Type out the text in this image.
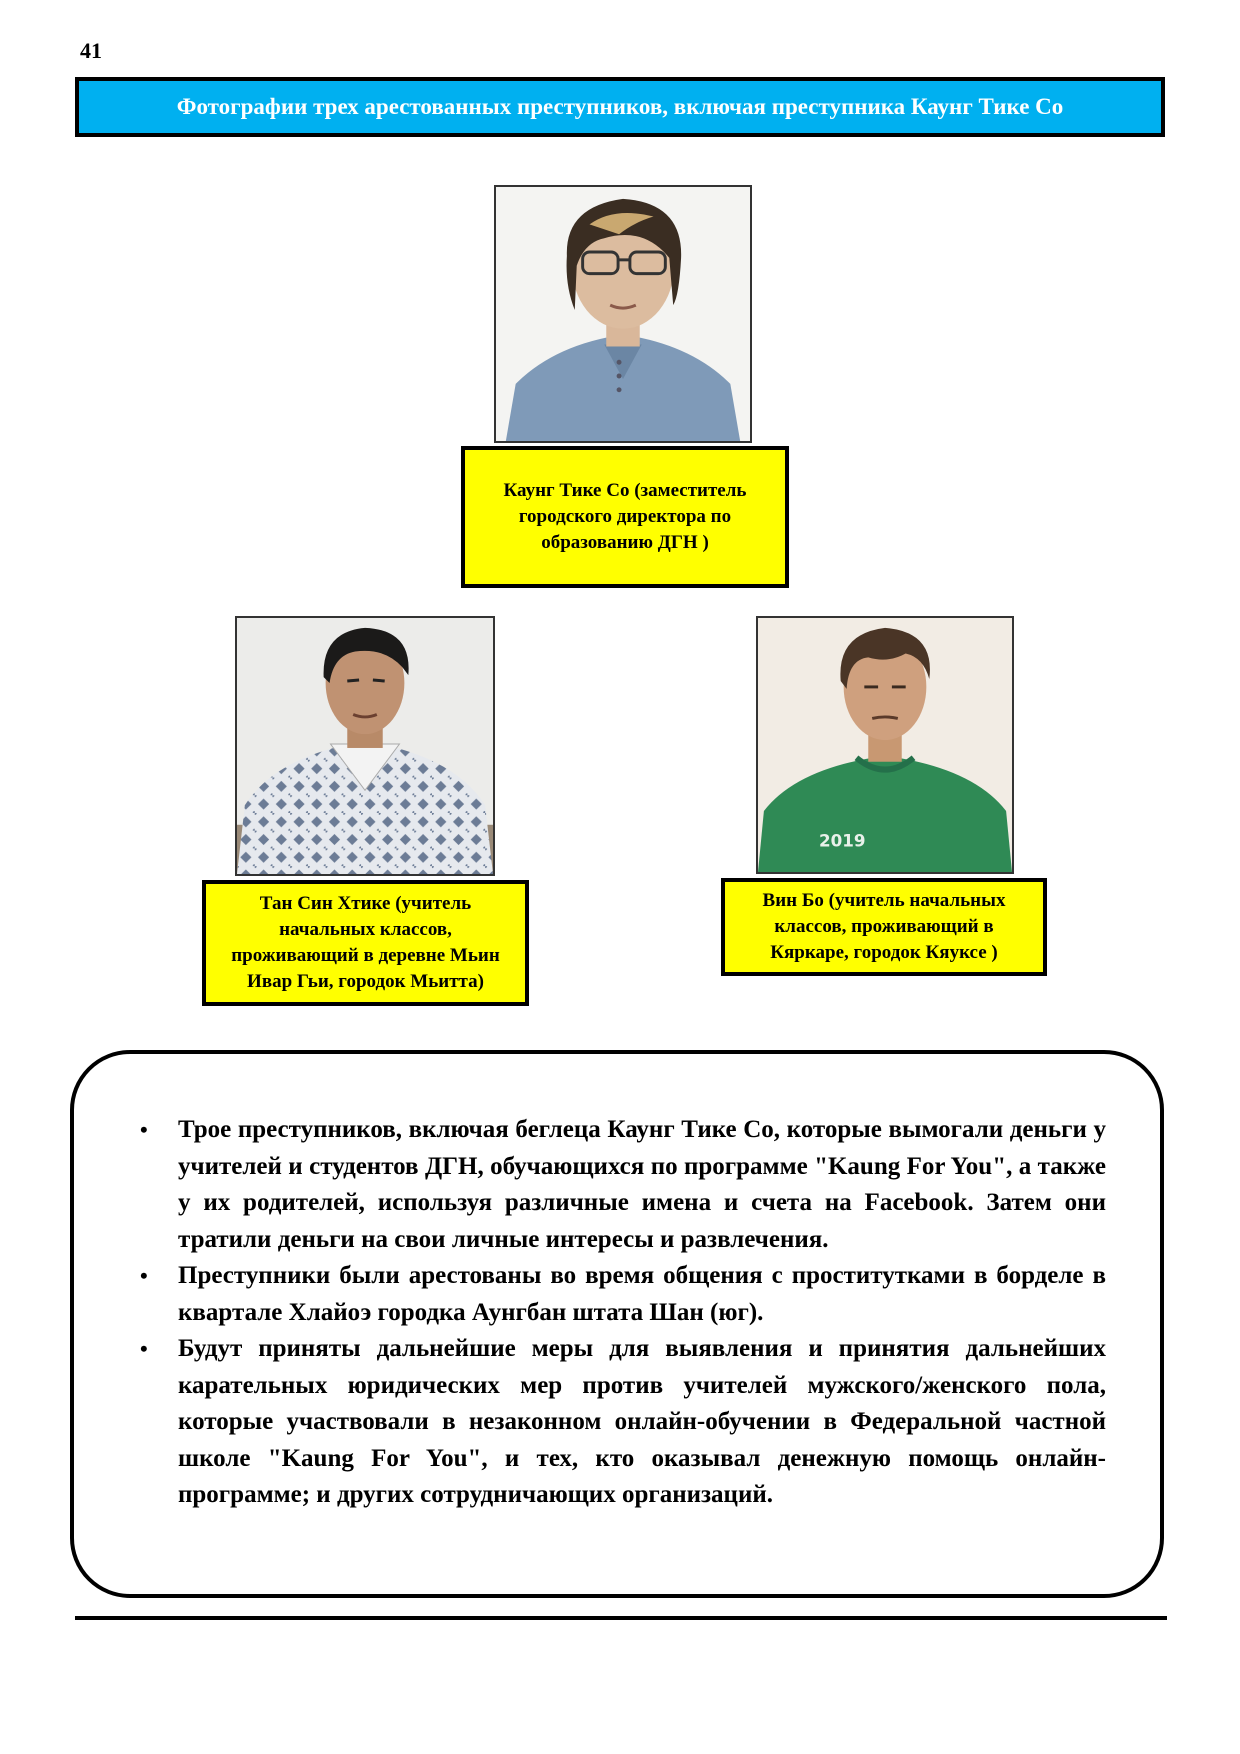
41
Фотографии трех арестованных преступников, включая преступника Каунг Тике Со
Каунг Тике Со (заместитель городского директора по образованию ДГН )
Тан Син Хтике (учитель начальных классов, проживающий в деревне Мьин Ивар Гьи, городок Мьитта)
2019
Вин Бо (учитель начальных классов, проживающий в Кяркаре, городок Кяуксе )
• Трое преступников, включая беглеца Каунг Тике Со, которые вымогали деньги у учителей и студентов ДГН, обучающихся по программе "Kaung For You", а также у их родителей, используя различные имена и счета на Facebook. Затем они тратили деньги на свои личные интересы и развлечения.
• Преступники были арестованы во время общения с проститутками в борделе в квартале Хлайоэ городка Аунгбан штата Шан (юг).
• Будут приняты дальнейшие меры для выявления и принятия дальнейших карательных юридических мер против учителей мужского/женского пола, которые участвовали в незаконном онлайн-обучении в Федеральной частной школе "Kaung For You", и тех, кто оказывал денежную помощь онлайн-программе; и других сотрудничающих организаций.
